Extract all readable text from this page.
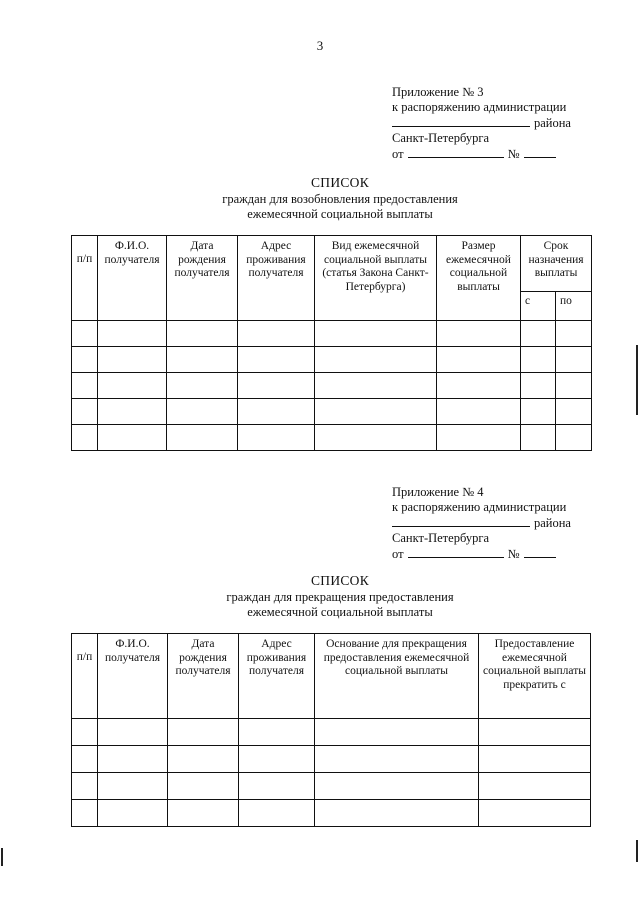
3
Приложение № 3
к распоряжению администрации
района
Санкт-Петербурга
от	№
СПИСОК
граждан для возобновления предоставления
ежемесячной социальной выплаты
п/п	Ф.И.О. получателя	Дата рождения получателя	Адрес проживания получателя	Вид ежемесячной социальной выплаты (статья Закона Санкт-Петербурга)	Размер ежемесячной социальной выплаты	Срок назначения выплаты	
						с	по

Приложение № 4
к распоряжению администрации
района
Санкт-Петербурга
от	№
СПИСОК
граждан для прекращения предоставления
ежемесячной социальной выплаты
п/п	Ф.И.О. получателя	Дата рождения получателя	Адрес проживания получателя	Основание для прекращения предоставления ежемесячной социальной выплаты	Предоставление ежемесячной социальной выплаты прекратить с
